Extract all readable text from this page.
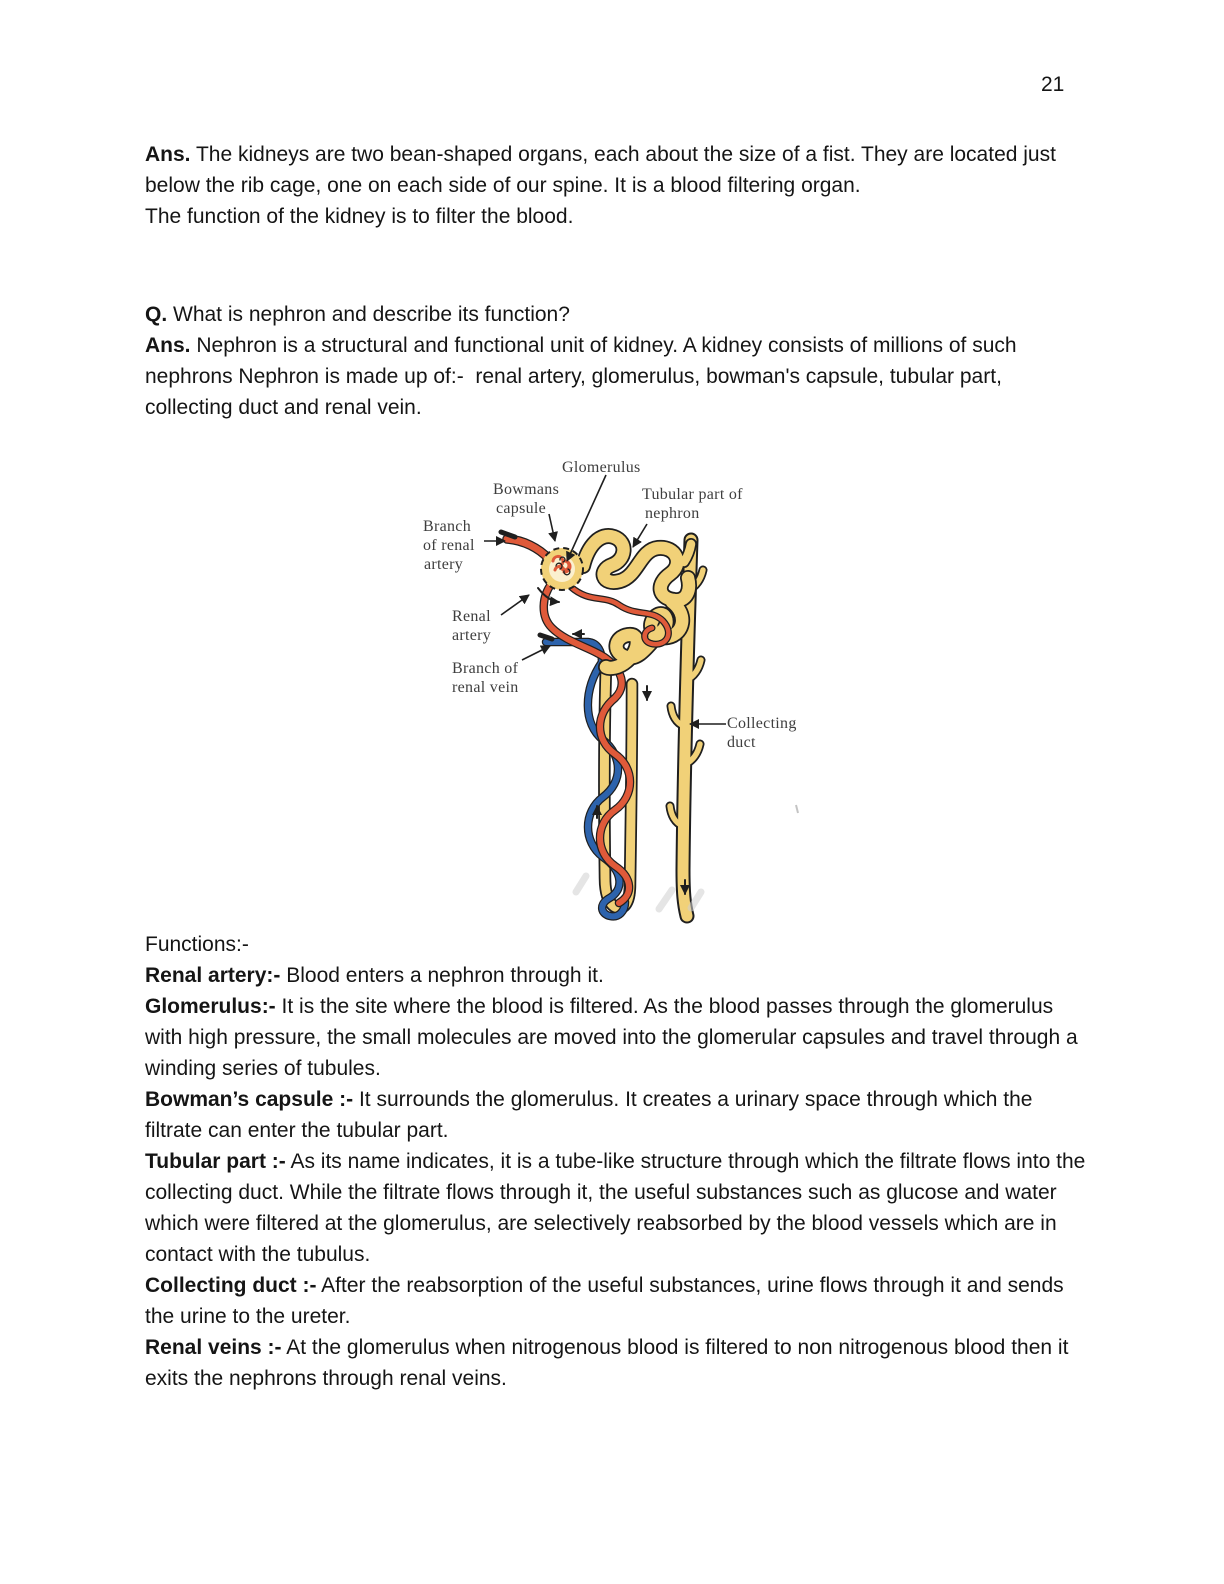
21

Ans. The kidneys are two bean-shaped organs, each about the size of a fist. They are located just below the rib cage, one on each side of our spine. It is a blood filtering organ.

The function of the kidney is to filter the blood.

Q. What is nephron and describe its function?

Ans. Nephron is a structural and functional unit of kidney. A kidney consists of millions of such nephrons Nephron is made up of:-  renal artery, glomerulus, bowman's capsule, tubular part, collecting duct and renal vein.

Glomerulus
Bowmans
capsule
Tubular part of
nephron
Branch
of renal
artery
Renal
artery
Branch of
renal vein
Collecting
duct

Functions:-

Renal artery:- Blood enters a nephron through it.

Glomerulus:- It is the site where the blood is filtered. As the blood passes through the glomerulus with high pressure, the small molecules are moved into the glomerular capsules and travel through a winding series of tubules.

Bowman’s capsule :- It surrounds the glomerulus. It creates a urinary space through which the filtrate can enter the tubular part.

Tubular part :- As its name indicates, it is a tube-like structure through which the filtrate flows into the collecting duct. While the filtrate flows through it, the useful substances such as glucose and water which were filtered at the glomerulus, are selectively reabsorbed by the blood vessels which are in contact with the tubulus.

Collecting duct :- After the reabsorption of the useful substances, urine flows through it and sends the urine to the ureter.

Renal veins :- At the glomerulus when nitrogenous blood is filtered to non nitrogenous blood then it exits the nephrons through renal veins.
